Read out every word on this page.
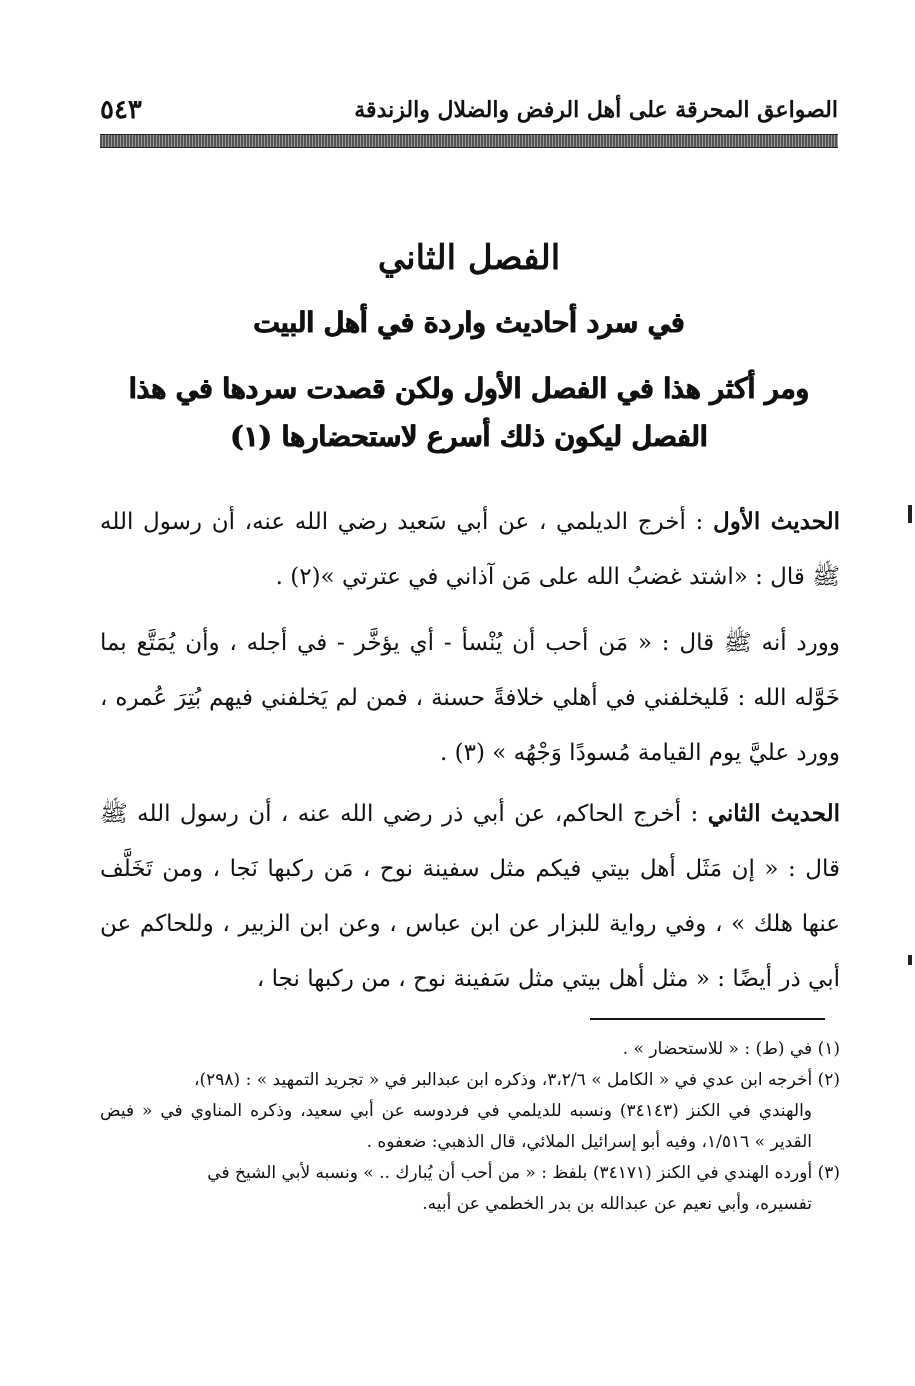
الصواعق المحرقة على أهل الرفض والضلال والزندقة
٥٤٣
الفصل الثاني
في سرد أحاديث واردة في أهل البيت
ومر أكثر هذا في الفصل الأول ولكن قصدت سردها في هذا
الفصل ليكون ذلك أسرع لاستحضارها (١)
الحديث الأول : أخرج الديلمي ، عن أبي سَعيد رضي الله عنه، أن رسول الله ﷺ قال : «اشتد غضبُ الله على مَن آذاني في عترتي »(٢) .
وورد أنه ﷺ قال : « مَن أحب أن يُنْسأ - أي يؤخَّر - في أجله ، وأن يُمَتَّع بما خَوَّله الله : فَليخلفني في أهلي خلافةً حسنة ، فمن لم يَخلفني فيهم بُتِرَ عُمره ، وورد عليَّ يوم القيامة مُسودًا وَجْهُه » (٣) .
الحديث الثاني : أخرج الحاكم، عن أبي ذر رضي الله عنه ، أن رسول الله ﷺ قال : « إن مَثَل أهل بيتي فيكم مثل سفينة نوح ، مَن ركبها نَجا ، ومن تَخَلَّف عنها هلك » ، وفي رواية للبزار عن ابن عباس ، وعن ابن الزبير ، وللحاكم عن أبي ذر أيضًا : « مثل أهل بيتي مثل سَفينة نوح ، من ركبها نجا ،

(١) في (ط) : « للاستحضار » .

(٢) أخرجه ابن عدي في « الكامل » ٣،٢/٦، وذكره ابن عبدالبر في « تجريد التمهيد » : (٢٩٨)،

والهندي في الكنز (٣٤١٤٣) ونسبه للديلمي في فردوسه عن أبي سعيد، وذكره المناوي في « فيض القدير » ١/٥١٦، وفيه أبو إسرائيل الملائي، قال الذهبي: ضعفوه .

(٣) أورده الهندي في الكنز (٣٤١٧١) بلفظ : « من أحب أن يُبارك .. » ونسبه لأبي الشيخ في

تفسيره، وأبي نعيم عن عبدالله بن بدر الخطمي عن أبيه.
